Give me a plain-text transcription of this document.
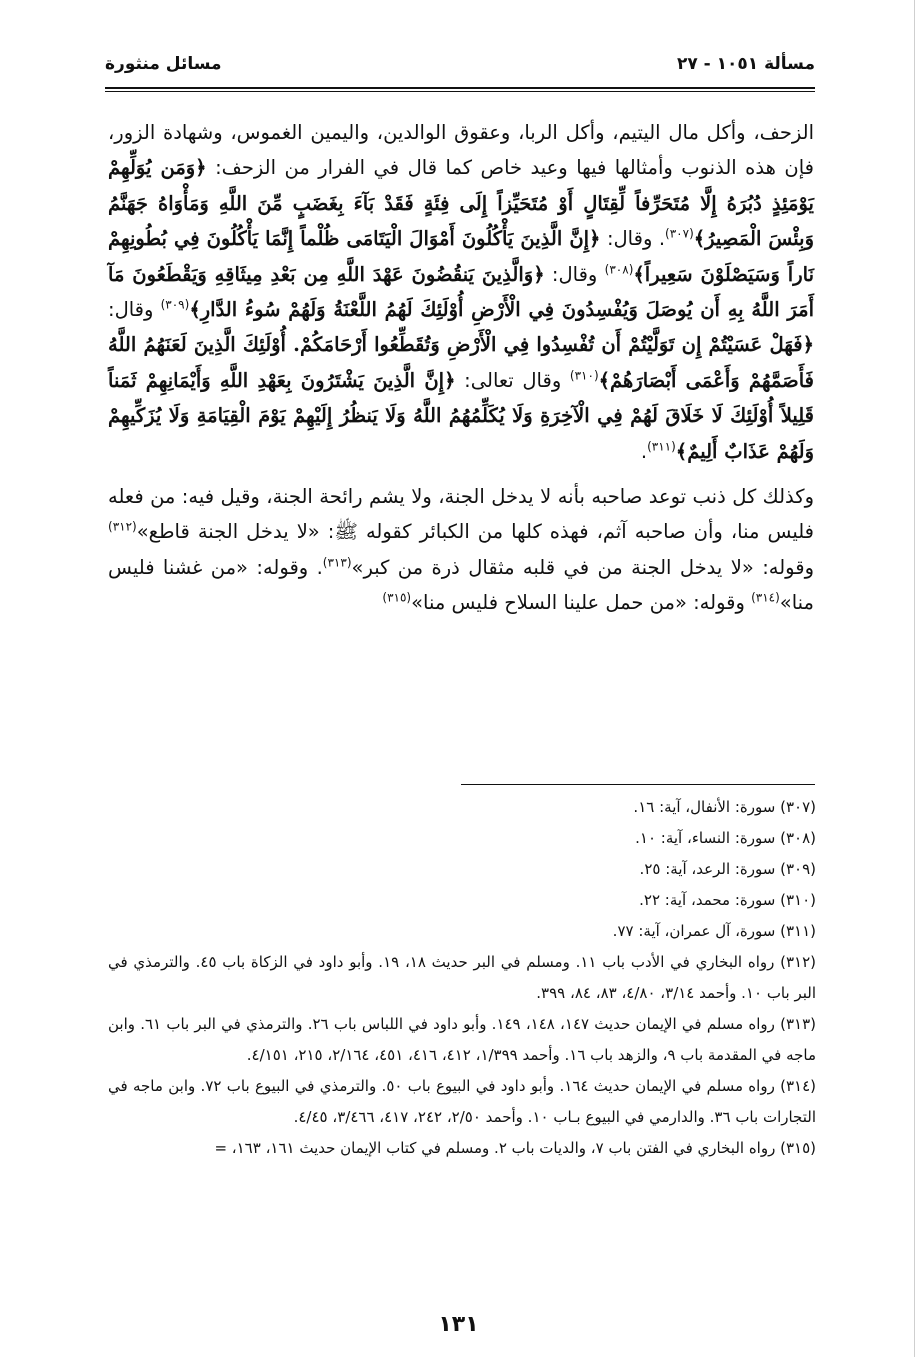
مسألة ١٠٥١ - ٢٧
مسائل منثورة

الزحف، وأكل مال اليتيم، وأكل الربا، وعقوق الوالدين، واليمين الغموس، وشهادة الزور، فإن هذه الذنوب وأمثالها فيها وعيد خاص كما قال في الفرار من الزحف: ﴿وَمَن يُوَلِّهِمْ يَوْمَئِذٍ دُبُرَهُ إِلَّا مُتَحَرِّفاً لِّقِتَالٍ أَوْ مُتَحَيِّزاً إِلَى فِئَةٍ فَقَدْ بَآءَ بِغَضَبٍ مِّنَ اللَّهِ وَمَأْوَاهُ جَهَنَّمُ وَبِئْسَ الْمَصِيرُ﴾$^{(٣٠٧)}$. وقال: ﴿إِنَّ الَّذِينَ يَأْكُلُونَ أَمْوَالَ الْيَتَامَى ظُلْماً إِنَّمَا يَأْكُلُونَ فِي بُطُونِهِمْ نَاراً وَسَيَصْلَوْنَ سَعِيراً﴾$^{(٣٠٨)}$ وقال: ﴿وَالَّذِينَ يَنقُضُونَ عَهْدَ اللَّهِ مِن بَعْدِ مِيثَاقِهِ وَيَقْطَعُونَ مَآ أَمَرَ اللَّهُ بِهِ أَن يُوصَلَ وَيُفْسِدُونَ فِي الْأَرْضِ أُوْلَئِكَ لَهُمُ اللَّعْنَةُ وَلَهُمْ سُوءُ الدَّارِ﴾$^{(٣٠٩)}$ وقال: ﴿فَهَلْ عَسَيْتُمْ إِن تَوَلَّيْتُمْ أَن تُفْسِدُوا فِي الْأَرْضِ وَتُقَطِّعُوا أَرْحَامَكُمْ. أُوْلَئِكَ الَّذِينَ لَعَنَهُمُ اللَّهُ فَأَصَمَّهُمْ وَأَعْمَى أَبْصَارَهُمْ﴾$^{(٣١٠)}$ وقال تعالى: ﴿إِنَّ الَّذِينَ يَشْتَرُونَ بِعَهْدِ اللَّهِ وَأَيْمَانِهِمْ ثَمَناً قَلِيلاً أُوْلَئِكَ لَا خَلَاقَ لَهُمْ فِي الْآخِرَةِ وَلَا يُكَلِّمُهُمُ اللَّهُ وَلَا يَنظُرُ إِلَيْهِمْ يَوْمَ الْقِيَامَةِ وَلَا يُزَكِّيهِمْ وَلَهُمْ عَذَابٌ أَلِيمٌ﴾$^{(٣١١)}$.

وكذلك كل ذنب توعد صاحبه بأنه لا يدخل الجنة، ولا يشم رائحة الجنة، وقيل فيه: من فعله فليس منا، وأن صاحبه آثم، فهذه كلها من الكبائر كقوله ﷺ: «لا يدخل الجنة قاطع»$^{(٣١٢)}$ وقوله: «لا يدخل الجنة من في قلبه مثقال ذرة من كبر»$^{(٣١٣)}$. وقوله: «من غشنا فليس منا»$^{(٣١٤)}$ وقوله: «من حمل علينا السلاح فليس منا»$^{(٣١٥)}$

(٣٠٧) سورة: الأنفال، آية: ١٦.

(٣٠٨) سورة: النساء، آية: ١٠.

(٣٠٩) سورة: الرعد، آية: ٢٥.

(٣١٠) سورة: محمد، آية: ٢٢.

(٣١١) سورة، آل عمران، آية: ٧٧.

(٣١٢) رواه البخاري في الأدب باب ١١. ومسلم في البر حديث ١٨، ١٩. وأبو داود في الزكاة باب ٤٥. والترمذي في البر باب ١٠. وأحمد ٣/١٤، ٤/٨٠، ٨٣، ٨٤، ٣٩٩.

(٣١٣) رواه مسلم في الإيمان حديث ١٤٧، ١٤٨، ١٤٩. وأبو داود في اللباس باب ٢٦. والترمذي في البر باب ٦١. وابن ماجه في المقدمة باب ٩، والزهد باب ١٦. وأحمد ١/٣٩٩، ٤١٢، ٤١٦، ٤٥١، ٢/١٦٤، ٢١٥، ٤/١٥١.

(٣١٤) رواه مسلم في الإيمان حديث ١٦٤. وأبو داود في البيوع باب ٥٠. والترمذي في البيوع باب ٧٢. وابن ماجه في التجارات باب ٣٦. والدارمي في البيوع بـاب ١٠. وأحمد ٢/٥٠، ٢٤٢، ٤١٧، ٣/٤٦٦، ٤/٤٥.

(٣١٥) رواه البخاري في الفتن باب ٧، والديات باب ٢. ومسلم في كتاب الإيمان حديث ١٦١، ١٦٣، =

١٣١
